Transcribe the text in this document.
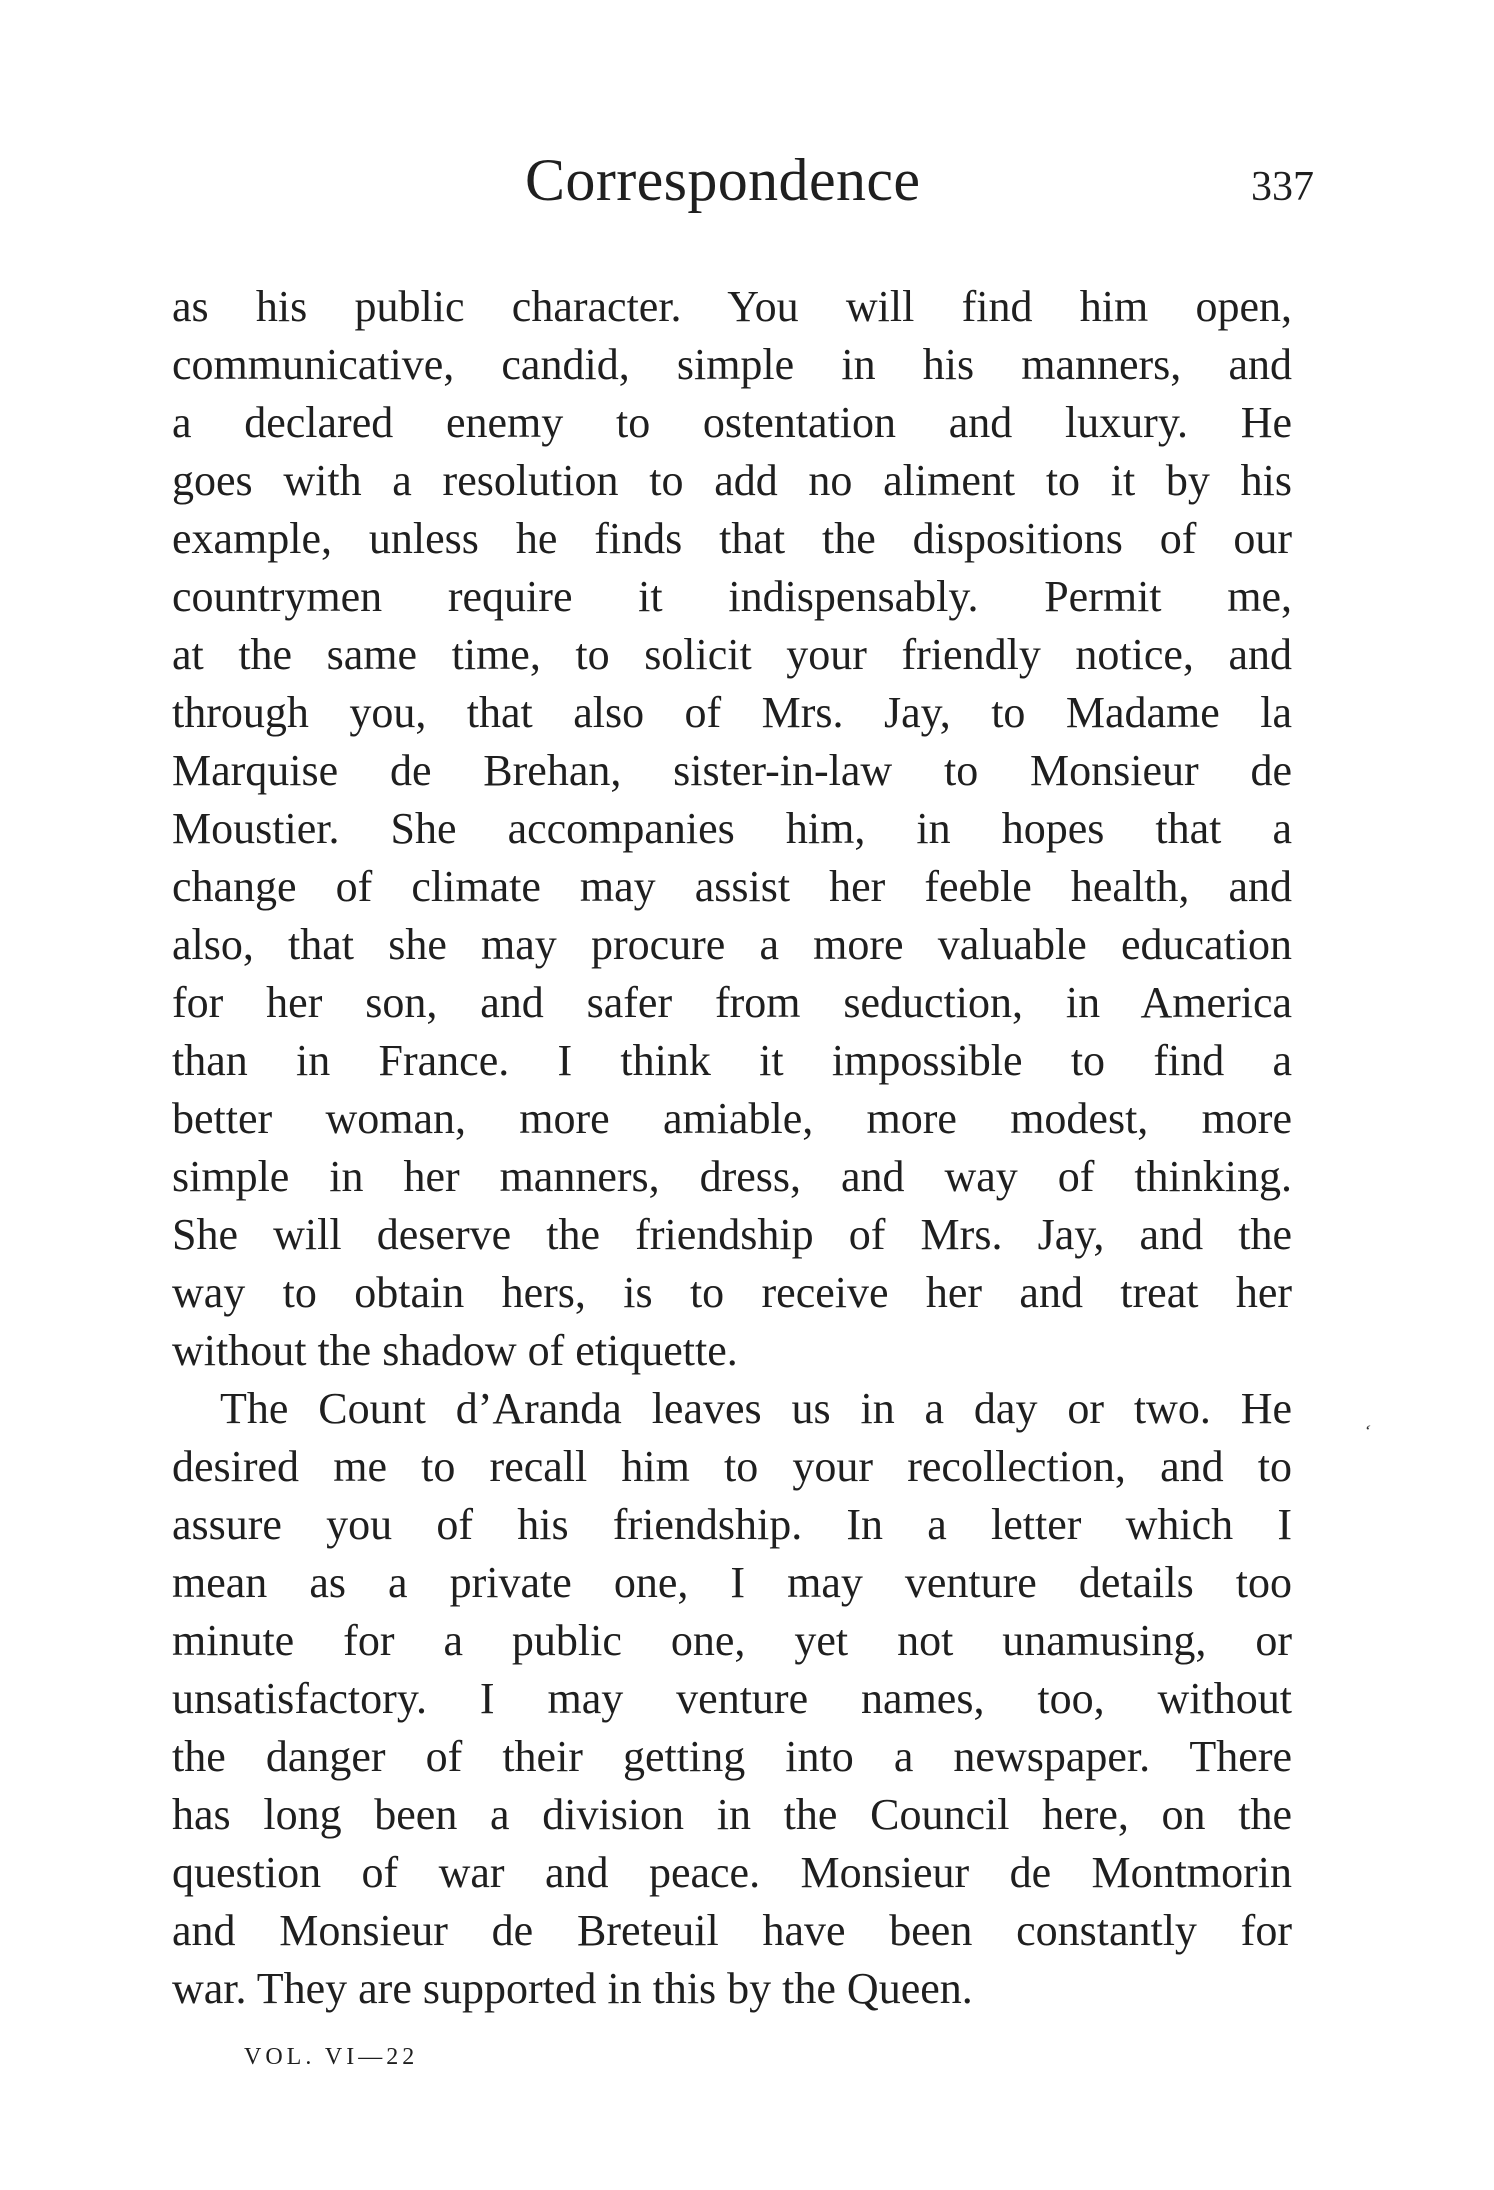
Correspondence	337
as his public character. You will find him open,
communicative, candid, simple in his manners, and
a declared enemy to ostentation and luxury. He
goes with a resolution to add no aliment to it by his
example, unless he finds that the dispositions of our
countrymen require it indispensably. Permit me,
at the same time, to solicit your friendly notice, and
through you, that also of Mrs. Jay, to Madame la
Marquise de Brehan, sister-in-law to Monsieur de
Moustier. She accompanies him, in hopes that a
change of climate may assist her feeble health, and
also, that she may procure a more valuable education
for her son, and safer from seduction, in America
than in France. I think it impossible to find a
better woman, more amiable, more modest, more
simple in her manners, dress, and way of thinking.
She will deserve the friendship of Mrs. Jay, and the
way to obtain hers, is to receive her and treat her
without the shadow of etiquette.
The Count d’Aranda leaves us in a day or two. He
desired me to recall him to your recollection, and to
assure you of his friendship. In a letter which I
mean as a private one, I may venture details too
minute for a public one, yet not unamusing, or
unsatisfactory. I may venture names, too, without
the danger of their getting into a newspaper. There
has long been a division in the Council here, on the
question of war and peace. Monsieur de Montmorin
and Monsieur de Breteuil have been constantly for
war. They are supported in this by the Queen.
ʻ
VOL. VI—22
